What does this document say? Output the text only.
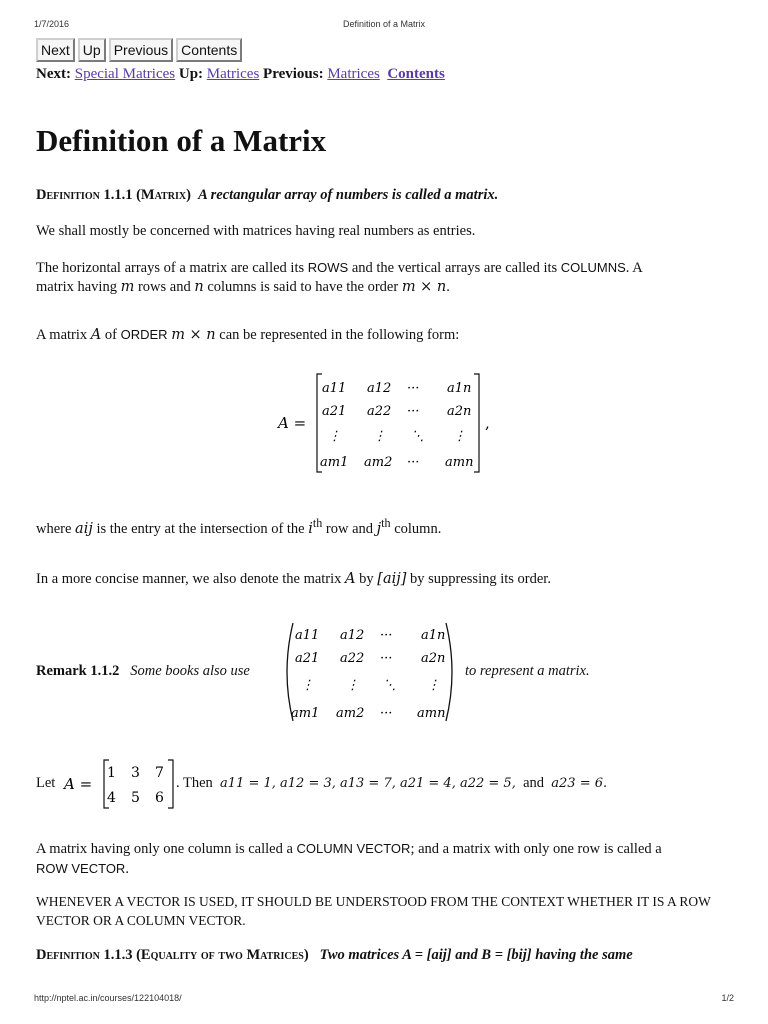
1/7/2016	Definition of a Matrix
Next Up Previous Contents
Next: Special Matrices Up: Matrices Previous: Matrices Contents
Definition of a Matrix
Definition 1.1.1 (Matrix) A rectangular array of numbers is called a matrix.
We shall mostly be concerned with matrices having real numbers as entries.
The horizontal arrays of a matrix are called its ROWS and the vertical arrays are called its COLUMNS. A
matrix having m rows and n columns is said to have the order m × n.
A matrix A of ORDER m × n can be represented in the following form:
A =
a11 a12 ··· a1n
a21 a22 ··· a2n
⋮ ⋮ ⋱ ⋮
am1 am2 ··· amn
,
where aij is the entry at the intersection of the $i^{th}$ row and $j^{th}$ column.
In a more concise manner, we also denote the matrix A by [aij] by suppressing its order.
Remark 1.1.2 Some books also use
a11 a12 ··· a1n
a21 a22 ··· a2n
⋮ ⋮ ⋱ ⋮
am1 am2 ··· amn
to represent a matrix.
Let A =
1 3 7
4 5 6
. Then a11 = 1, a12 = 3, a13 = 7, a21 = 4, a22 = 5, and a23 = 6.
A matrix having only one column is called a COLUMN VECTOR; and a matrix with only one row is called a
ROW VECTOR.
WHENEVER A VECTOR IS USED, IT SHOULD BE UNDERSTOOD FROM THE CONTEXT WHETHER IT IS A ROW
VECTOR OR A COLUMN VECTOR.
Definition 1.1.3 (Equality of two Matrices) Two matrices A = [aij] and B = [bij] having the same
http://nptel.ac.in/courses/122104018/	1/2
